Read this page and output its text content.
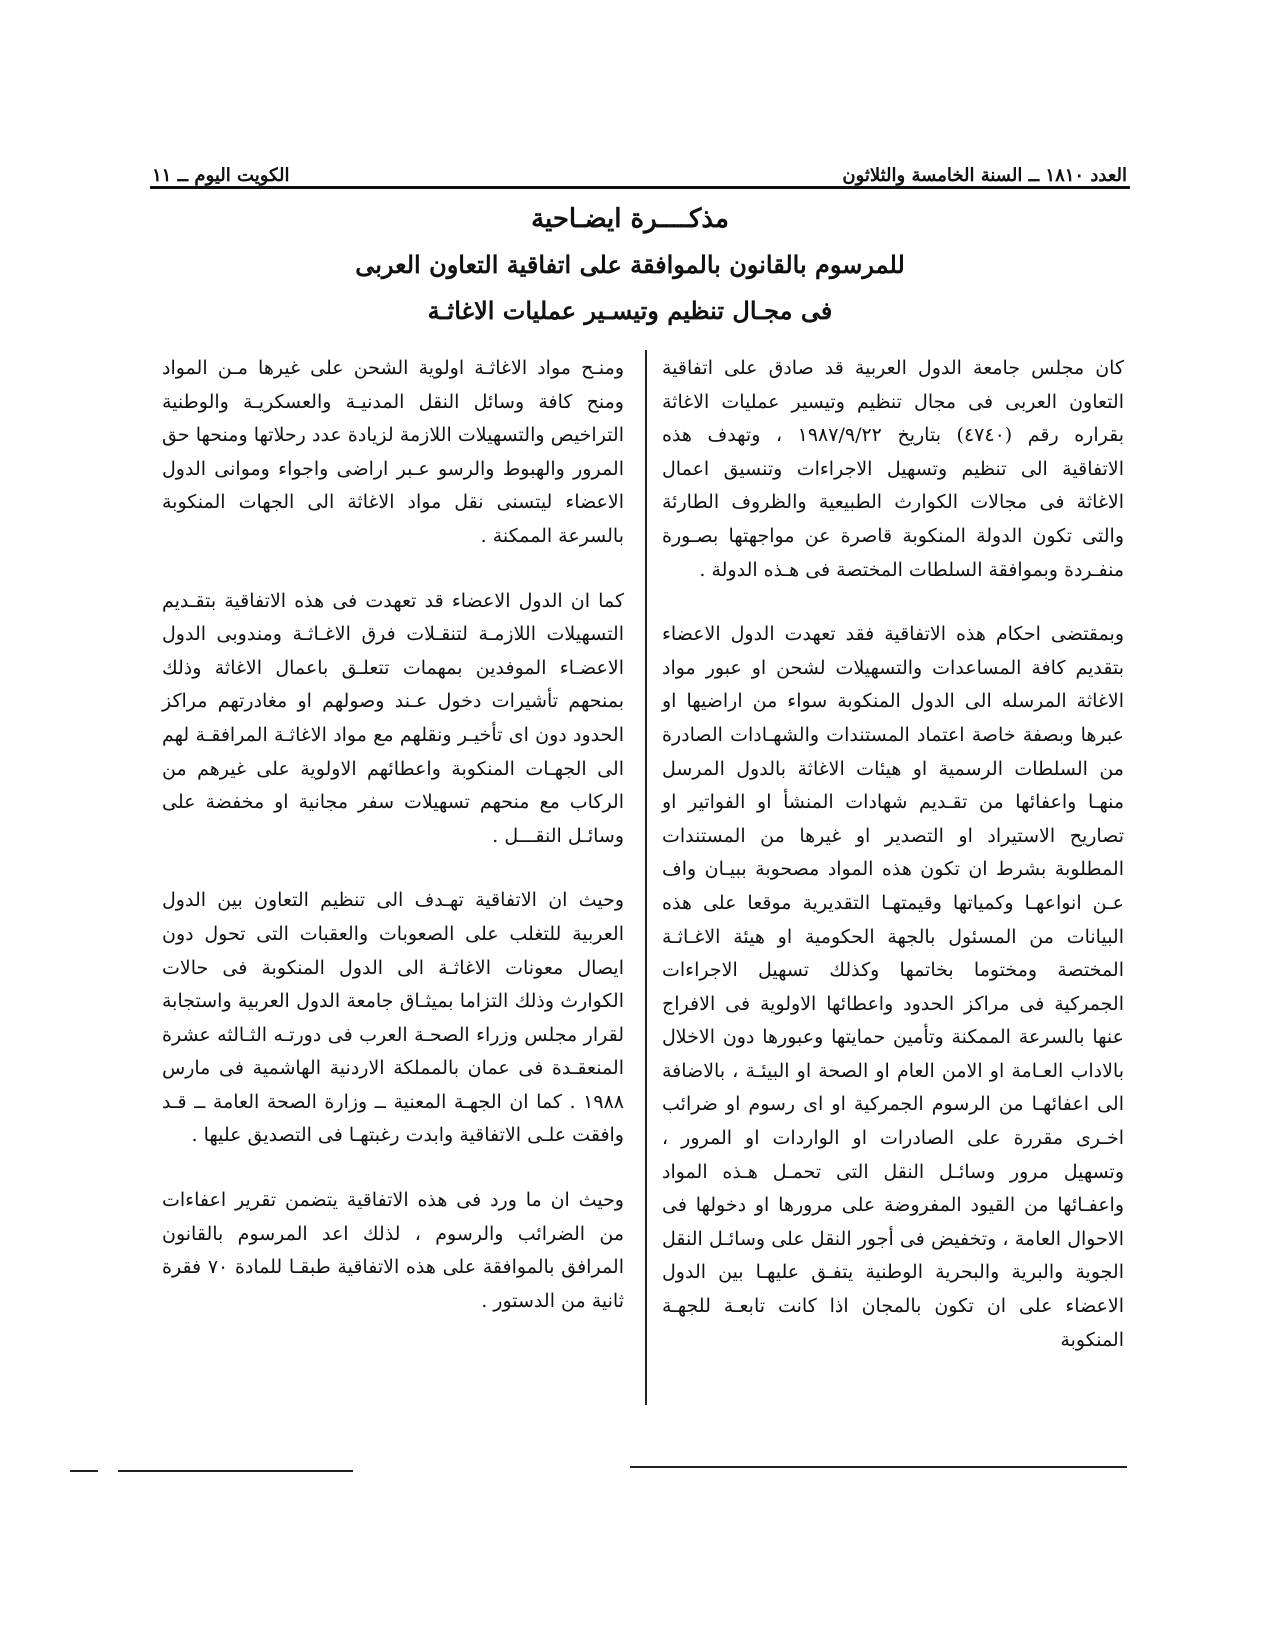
العدد ١٨١٠ ــ السنة الخامسة والثلاثون
الكويت اليوم ــ ١١
مذكــــرة ايضـاحية
للمرسوم بالقانون بالموافقة على اتفاقية التعاون العربى
فى مجـال تنظيم وتيسـير عمليات الاغاثـة

كان مجلس جامعة الدول العربية قد صادق على اتفاقية التعاون العربى فى مجال تنظيم وتيسير عمليات الاغاثة بقراره رقم (٤٧٤٠) بتاريخ ١٩٨٧/٩/٢٢ ، وتهدف هذه الاتفاقية الى تنظيم وتسهيل الاجراءات وتنسيق اعمال الاغاثة فى مجالات الكوارث الطبيعية والظروف الطارئة والتى تكون الدولة المنكوبة قاصرة عن مواجهتها بصـورة منفـردة وبموافقة السلطات المختصة فى هـذه الدولة .

وبمقتضى احكام هذه الاتفاقية فقد تعهدت الدول الاعضاء بتقديم كافة المساعدات والتسهيلات لشحن او عبور مواد الاغاثة المرسله الى الدول المنكوبة سواء من اراضيها او عبرها وبصفة خاصة اعتماد المستندات والشهـادات الصادرة من السلطات الرسمية او هيئات الاغاثة بالدول المرسل منهـا واعفائها من تقـديم شهادات المنشأ او الفواتير او تصاريح الاستيراد او التصدير او غيرها من المستندات المطلوبة بشرط ان تكون هذه المواد مصحوبة ببيـان واف عـن انواعهـا وكمياتها وقيمتهـا التقديرية موقعا على هذه البيانات من المسئول بالجهة الحكومية او هيئة الاغـاثـة المختصة ومختوما بخاتمها وكذلك تسهيل الاجراءات الجمركية فى مراكز الحدود واعطائها الاولوية فى الافراج عنها بالسرعة الممكنة وتأمين حمايتها وعبورها دون الاخلال بالاداب العـامة او الامن العام او الصحة او البيئـة ، بالاضافة الى اعفائهـا من الرسوم الجمركية او اى رسوم او ضرائب اخـرى مقررة على الصادرات او الواردات او المرور ، وتسهيل مرور وسائـل النقل التى تحمـل هـذه المواد واعفـائها من القيود المفروضة على مرورها او دخولها فى الاحوال العامة ، وتخفيض فى أجور النقل على وسائـل النقل الجوية والبرية والبحرية الوطنية يتفـق عليهـا بين الدول الاعضاء على ان تكون بالمجان اذا كانت تابعـة للجهـة المنكوبة

ومنـح مواد الاغاثـة اولوية الشحن على غيرها مـن المواد ومنح كافة وسائل النقل المدنيـة والعسكريـة والوطنية التراخيص والتسهيلات اللازمة لزيادة عدد رحلاتها ومنحها حق المرور والهبوط والرسو عـبر اراضى واجواء وموانى الدول الاعضاء ليتسنى نقل مواد الاغاثة الى الجهات المنكوبة بالسرعة الممكنة .

كما ان الدول الاعضاء قد تعهدت فى هذه الاتفاقية بتقـديم التسهيلات اللازمـة لتنقـلات فرق الاغـاثـة ومندوبى الدول الاعضـاء الموفدين بمهمات تتعلـق باعمال الاغاثة وذلك بمنحهم تأشيرات دخول عـند وصولهم او مغادرتهم مراكز الحدود دون اى تأخيـر ونقلهم مع مواد الاغاثـة المرافقـة لهم الى الجهـات المنكوبة واعطائهم الاولوية على غيرهم من الركاب مع منحهم تسهيلات سفر مجانية او مخفضة على وسائـل النقـــل .

وحيث ان الاتفاقية تهـدف الى تنظيم التعاون بين الدول العربية للتغلب على الصعوبات والعقبات التى تحول دون ايصال معونات الاغاثـة الى الدول المنكوبة فى حالات الكوارث وذلك التزاما بميثـاق جامعة الدول العربية واستجابة لقرار مجلس وزراء الصحـة العرب فى دورتـه الثـالثه عشرة المنعقـدة فى عمان بالمملكة الاردنية الهاشمية فى مارس ١٩٨٨ . كما ان الجهـة المعنية ــ وزارة الصحة العامة ــ قـد وافقت علـى الاتفاقية وابدت رغبتهـا فى التصديق عليها .

وحيث ان ما ورد فى هذه الاتفاقية يتضمن تقرير اعفاءات من الضرائب والرسوم ، لذلك اعد المرسوم بالقانون المرافق بالموافقة على هذه الاتفاقية طبقـا للمادة ٧٠ فقرة ثانية من الدستور .
